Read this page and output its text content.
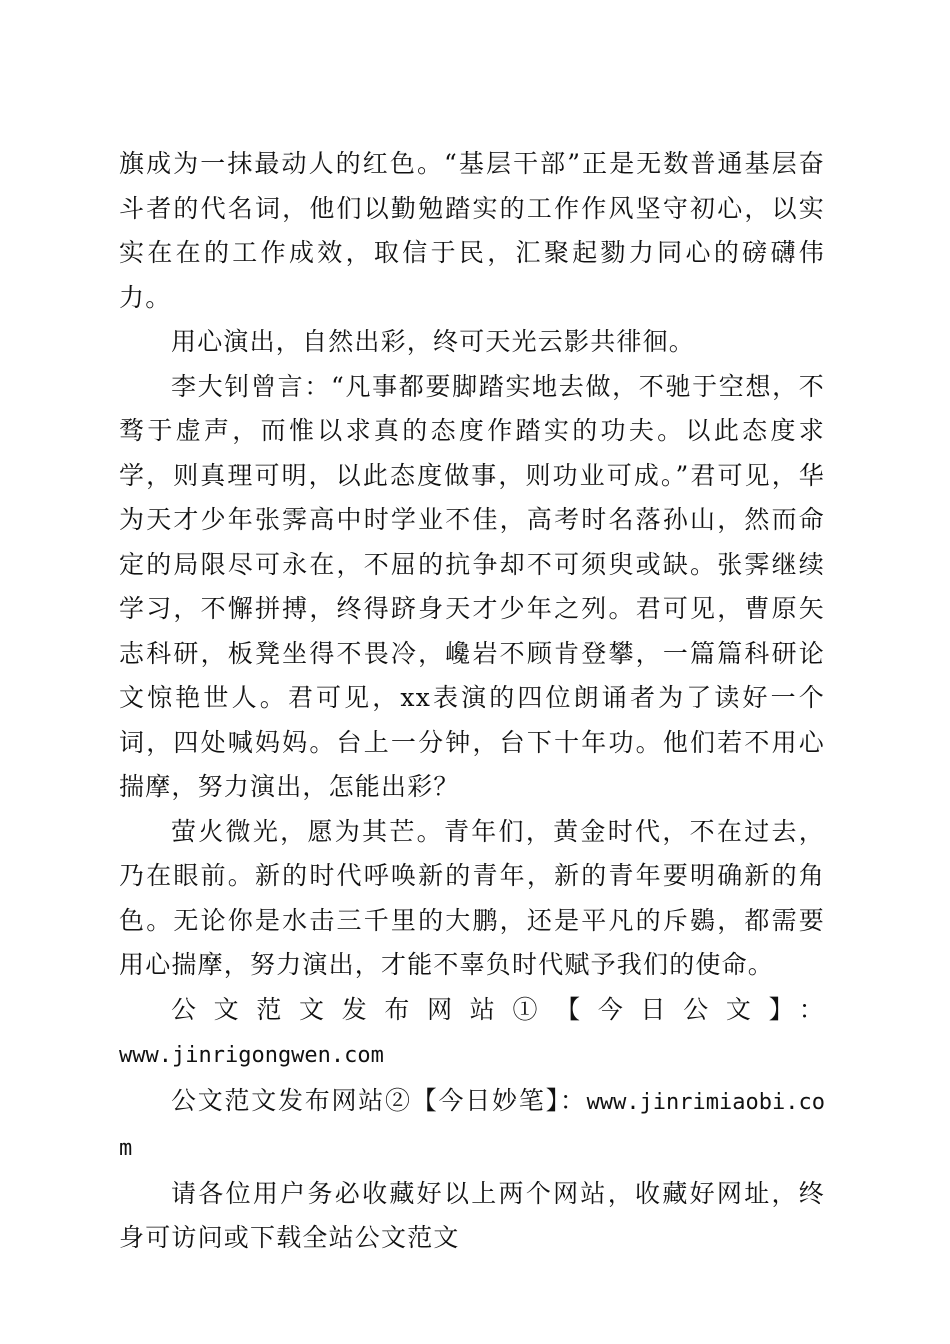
旗成为一抹最动人的红色。“基层干部”正是无数普通基层奋斗者的代名词，他们以勤勉踏实的工作作风坚守初心，以实实在在的工作成效，取信于民，汇聚起勠力同心的磅礴伟力。

用心演出，自然出彩，终可天光云影共徘徊。

李大钊曾言：“凡事都要脚踏实地去做，不驰于空想，不骛于虚声，而惟以求真的态度作踏实的功夫。以此态度求学，则真理可明，以此态度做事，则功业可成。”君可见，华为天才少年张霁高中时学业不佳，高考时名落孙山，然而命定的局限尽可永在，不屈的抗争却不可须臾或缺。张霁继续学习，不懈拼搏，终得跻身天才少年之列。君可见，曹原矢志科研，板凳坐得不畏冷，巉岩不顾肯登攀，一篇篇科研论文惊艳世人。君可见，xx表演的四位朗诵者为了读好一个词，四处喊妈妈。台上一分钟，台下十年功。他们若不用心揣摩，努力演出，怎能出彩？

萤火微光，愿为其芒。青年们，黄金时代，不在过去，乃在眼前。新的时代呼唤新的青年，新的青年要明确新的角色。无论你是水击三千里的大鹏，还是平凡的斥鷃，都需要用心揣摩，努力演出，才能不辜负时代赋予我们的使命。

公文范文发布网站①【今日公文】：

www.jinrigongwen.com

公文范文发布网站②【今日妙笔】：www.jinrimiaobi.com

请各位用户务必收藏好以上两个网站，收藏好网址，终身可访问或下载全站公文范文
